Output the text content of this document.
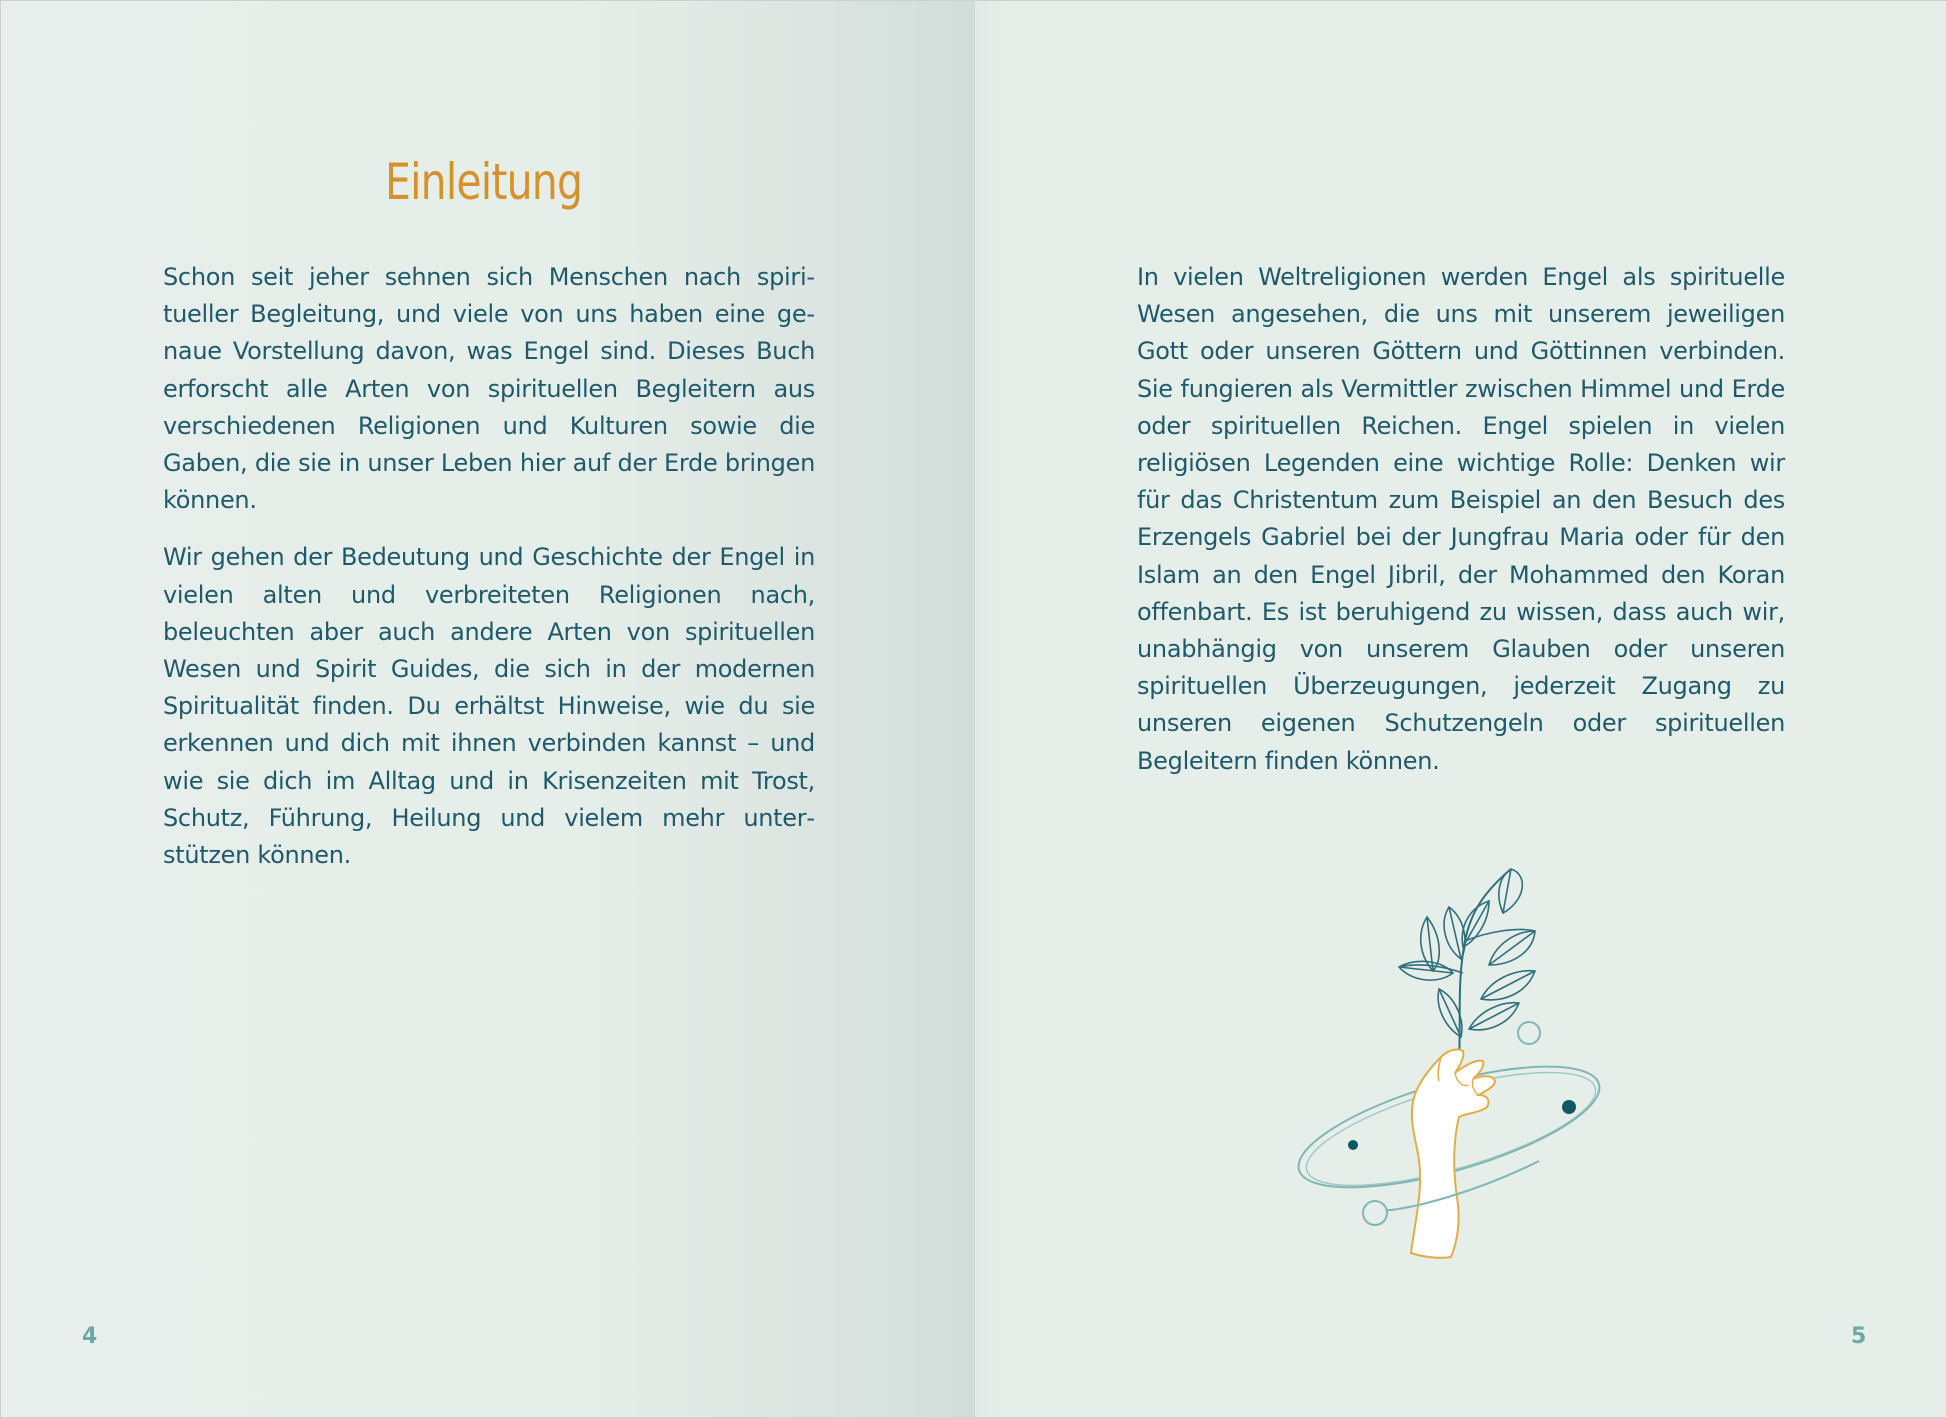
Einleitung

Schon seit jeher sehnen sich Menschen nach spiritueller Begleitung, und viele von uns haben eine genaue Vorstellung davon, was Engel sind. Dieses Buch erforscht alle Arten von spirituellen Begleitern aus verschiedenen Religionen und Kulturen sowie die Gaben, die sie in unser Leben hier auf der Erde bringen können.

Wir gehen der Bedeutung und Geschichte der Engel in vielen alten und verbreiteten Religionen nach, beleuchten aber auch andere Arten von spirituellen Wesen und Spirit Guides, die sich in der modernen Spiritualität finden. Du erhältst Hinweise, wie du sie erkennen und dich mit ihnen verbinden kannst – und wie sie dich im Alltag und in Krisenzeiten mit Trost, Schutz, Führung, Heilung und vielem mehr unterstützen können.

4	5

In vielen Weltreligionen werden Engel als spirituelle Wesen angesehen, die uns mit unserem jeweiligen Gott oder unseren Göttern und Göttinnen verbinden. Sie fungieren als Vermittler zwischen Himmel und Erde oder spirituellen Reichen. Engel spielen in vielen religiösen Legenden eine wichtige Rolle: Denken wir für das Christentum zum Beispiel an den Besuch des Erzengels Gabriel bei der Jungfrau Maria oder für den Islam an den Engel Jibril, der Mohammed den Koran offenbart. Es ist beruhigend zu wissen, dass auch wir, unabhängig von unserem Glauben oder unseren spirituellen Überzeugungen, jederzeit Zugang zu unseren eigenen Schutzengeln oder spirituellen Begleitern finden können.
